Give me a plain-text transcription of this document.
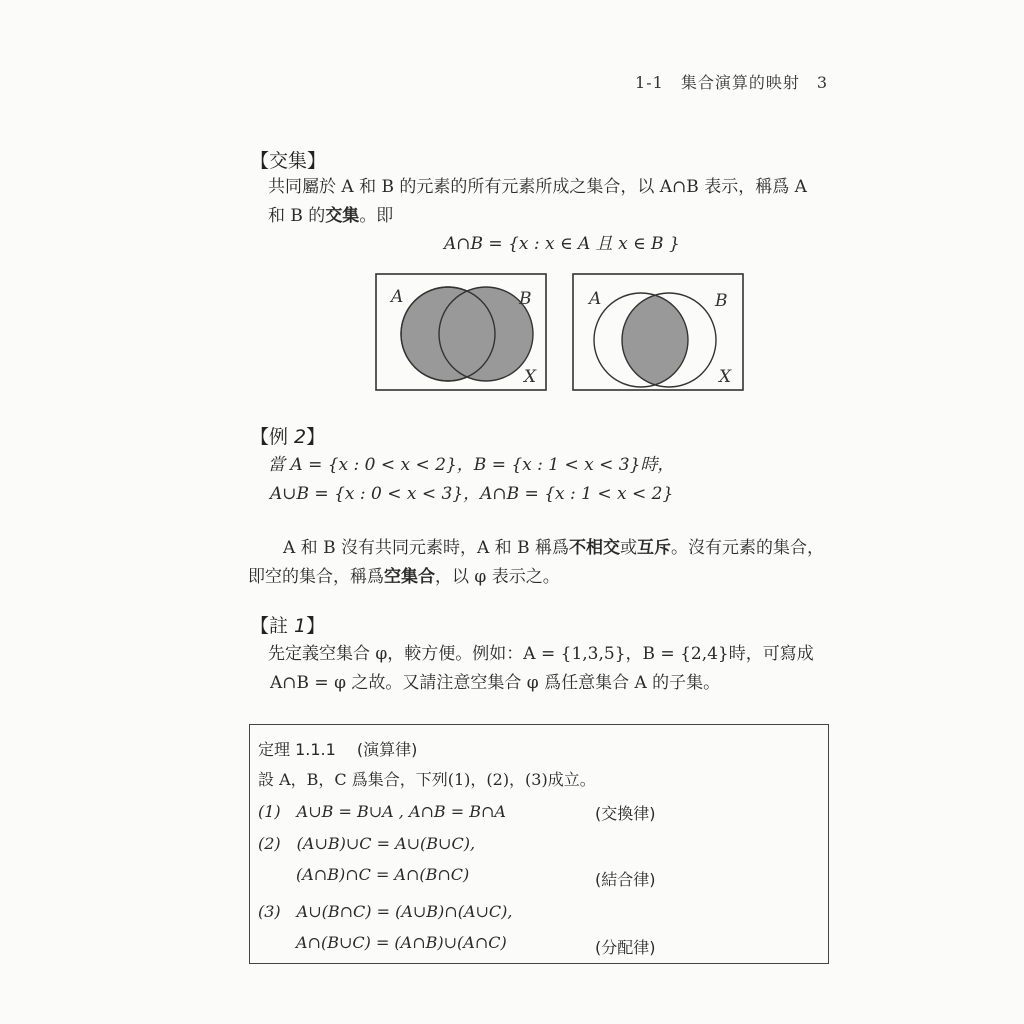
1-1　集合演算的映射　3
【交集】
共同屬於 A 和 B 的元素的所有元素所成之集合，以 A∩B 表示，稱爲 A
和 B 的交集。即
A∩B = {x : x ∈ A 且 x ∈ B }
A	B
X
A	B
X
【例 2】
當 A = {x : 0 < x < 2}，B = {x : 1 < x < 3}時，
A∪B = {x : 0 < x < 3}，A∩B = {x : 1 < x < 2}
A 和 B 沒有共同元素時，A 和 B 稱爲不相交或互斥。沒有元素的集合，
即空的集合，稱爲空集合，以 φ 表示之。
【註 1】
先定義空集合 φ，較方便。例如：A = {1,3,5}，B = {2,4}時，可寫成
A∩B = φ 之故。又請注意空集合 φ 爲任意集合 A 的子集。
定理 1.1.1　 (演算律)
設 A，B，C 爲集合，下列(1)，(2)，(3)成立。
(1)　A∪B = B∪A , A∩B = B∩A	(交換律)
(2)　(A∪B)∪C = A∪(B∪C),
(A∩B)∩C = A∩(B∩C)	(結合律)
(3)　A∪(B∩C) = (A∪B)∩(A∪C),
A∩(B∪C) = (A∩B)∪(A∩C)	(分配律)
